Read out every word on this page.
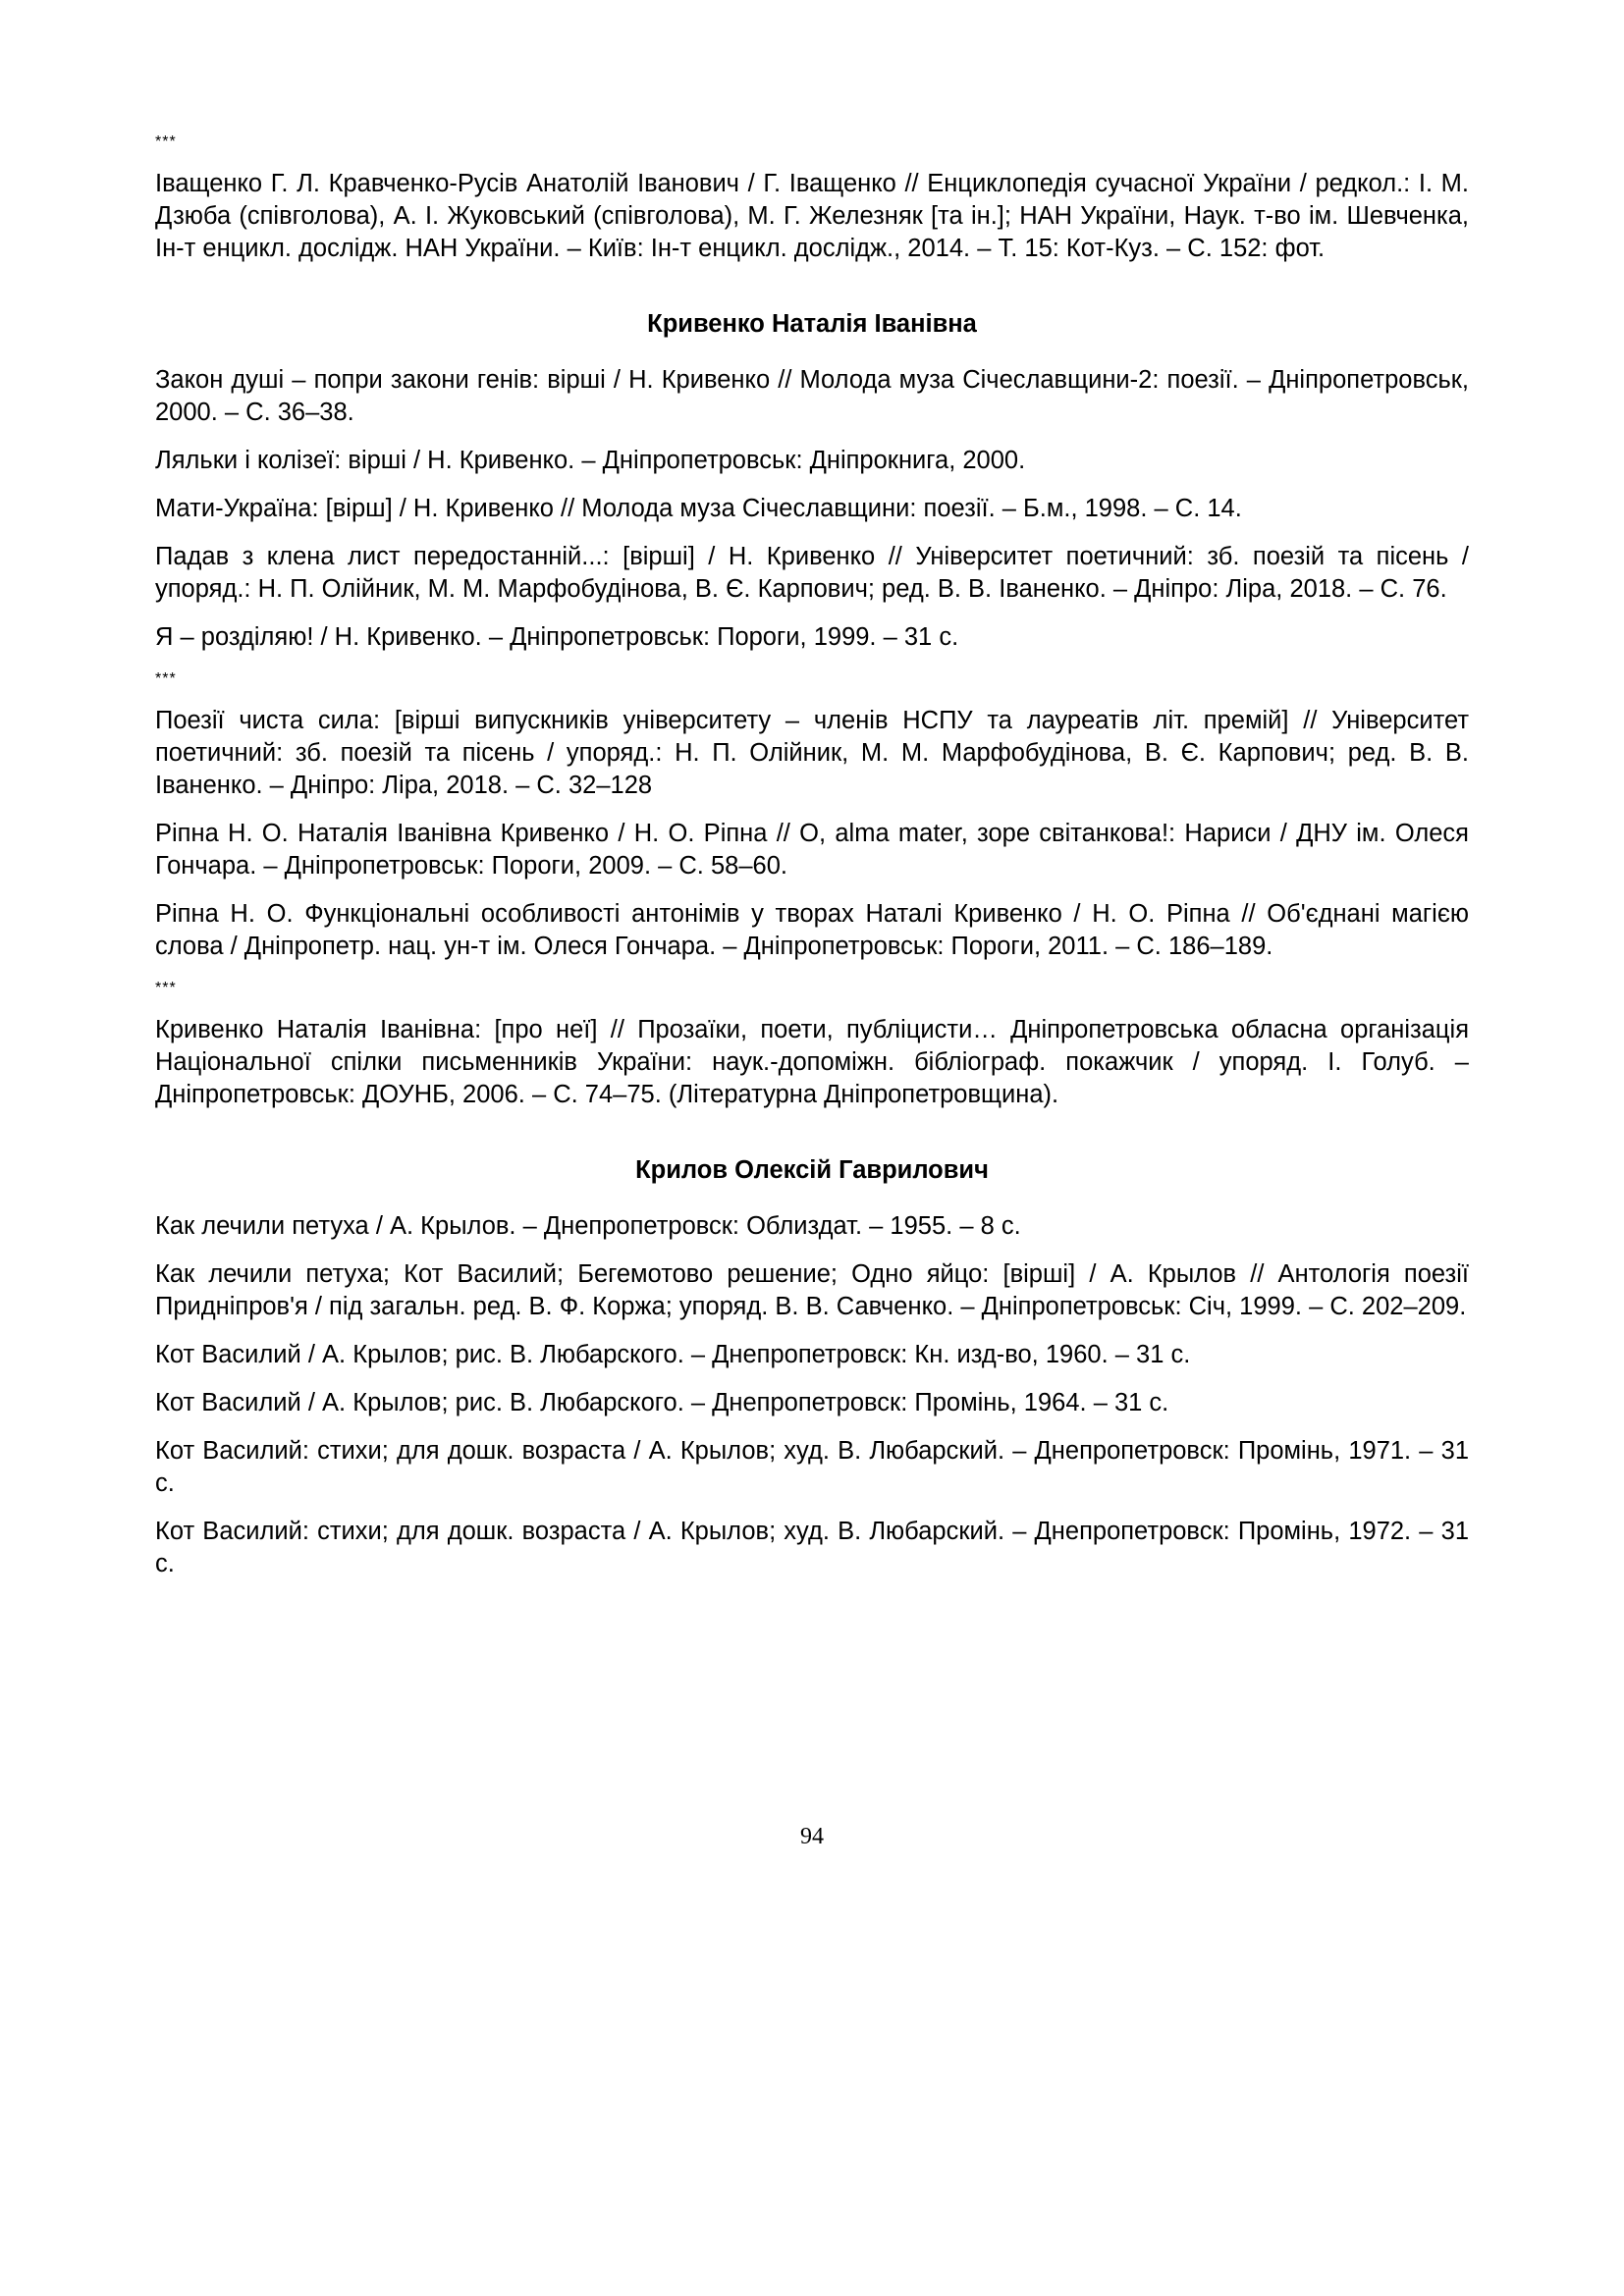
***

Іващенко Г. Л. Кравченко-Русів Анатолій Іванович / Г. Іващенко // Енциклопедія сучасної України / редкол.: І. М. Дзюба (співголова), А. І. Жуковський (співголова), М. Г. Железняк [та ін.]; НАН України, Наук. т-во ім. Шевченка, Ін-т енцикл. дослідж. НАН України. – Київ: Ін-т енцикл. дослідж., 2014. – Т. 15: Кот-Куз. – С. 152: фот.

Кривенко Наталія Іванівна

Закон душі – попри закони генів: вірші / Н. Кривенко // Молода муза Січеславщини-2: поезії. – Дніпропетровськ, 2000. – С. 36–38.

Ляльки і колізеї: вірші / Н. Кривенко. – Дніпропетровськ: Дніпрокнига, 2000.

Мати-Україна: [вірш] / Н. Кривенко // Молода муза Січеславщини: поезії. – Б.м., 1998. – С. 14.

Падав з клена лист передостанній...: [вірші] / Н. Кривенко // Університет поетичний: зб. поезій та пісень / упоряд.: Н. П. Олійник, М. М. Марфобудінова, В. Є. Карпович; ред. В. В. Іваненко. – Дніпро: Ліра, 2018. – С. 76.

Я – розділяю! / Н. Кривенко. – Дніпропетровськ: Пороги, 1999. – 31 с.

***

Поезії чиста сила: [вірші випускників університету – членів НСПУ та лауреатів літ. премій] // Університет поетичний: зб. поезій та пісень / упоряд.: Н. П. Олійник, М. М. Марфобудінова, В. Є. Карпович; ред. В. В. Іваненко. – Дніпро: Ліра, 2018. – С. 32–128

Ріпна Н. О. Наталія Іванівна Кривенко / Н. О. Ріпна // О, alma mater, зоре світанкова!: Нариси / ДНУ ім. Олеся Гончара. – Дніпропетровськ: Пороги, 2009. – С. 58–60.

Ріпна Н. О. Функціональні особливості антонімів у творах Наталі Кривенко / Н. О. Ріпна // Об'єднані магією слова / Дніпропетр. нац. ун-т ім. Олеся Гончара. – Дніпропетровськ: Пороги, 2011. – С. 186–189.

***

Кривенко Наталія Іванівна: [про неї] // Прозаїки, поети, публіцисти… Дніпропетровська обласна організація Національної спілки письменників України: наук.-допоміжн. бібліограф. покажчик / упоряд. І. Голуб. – Дніпропетровськ: ДОУНБ, 2006. – С. 74–75. (Літературна Дніпропетровщина).

Крилов Олексій Гаврилович

Как лечили петуха / А. Крылов. – Днепропетровск: Облиздат. – 1955. – 8 с.

Как лечили петуха; Кот Василий; Бегемотово решение; Одно яйцо: [вірші] / А. Крылов // Антологія поезії Придніпров'я / під загальн. ред. В. Ф. Коржа; упоряд. В. В. Савченко. – Дніпропетровськ: Січ, 1999. – С. 202–209.

Кот Василий / А. Крылов; рис. В. Любарского. – Днепропетровск: Кн. изд-во, 1960. – 31 с.

Кот Василий / А. Крылов; рис. В. Любарского. – Днепропетровск: Промінь, 1964. – 31 с.

Кот Василий: стихи; для дошк. возраста / А. Крылов; худ. В. Любарский. – Днепропетровск: Промінь, 1971. – 31 с.

Кот Василий: стихи; для дошк. возраста / А. Крылов; худ. В. Любарский. – Днепропетровск: Промінь, 1972. – 31 с.

94
